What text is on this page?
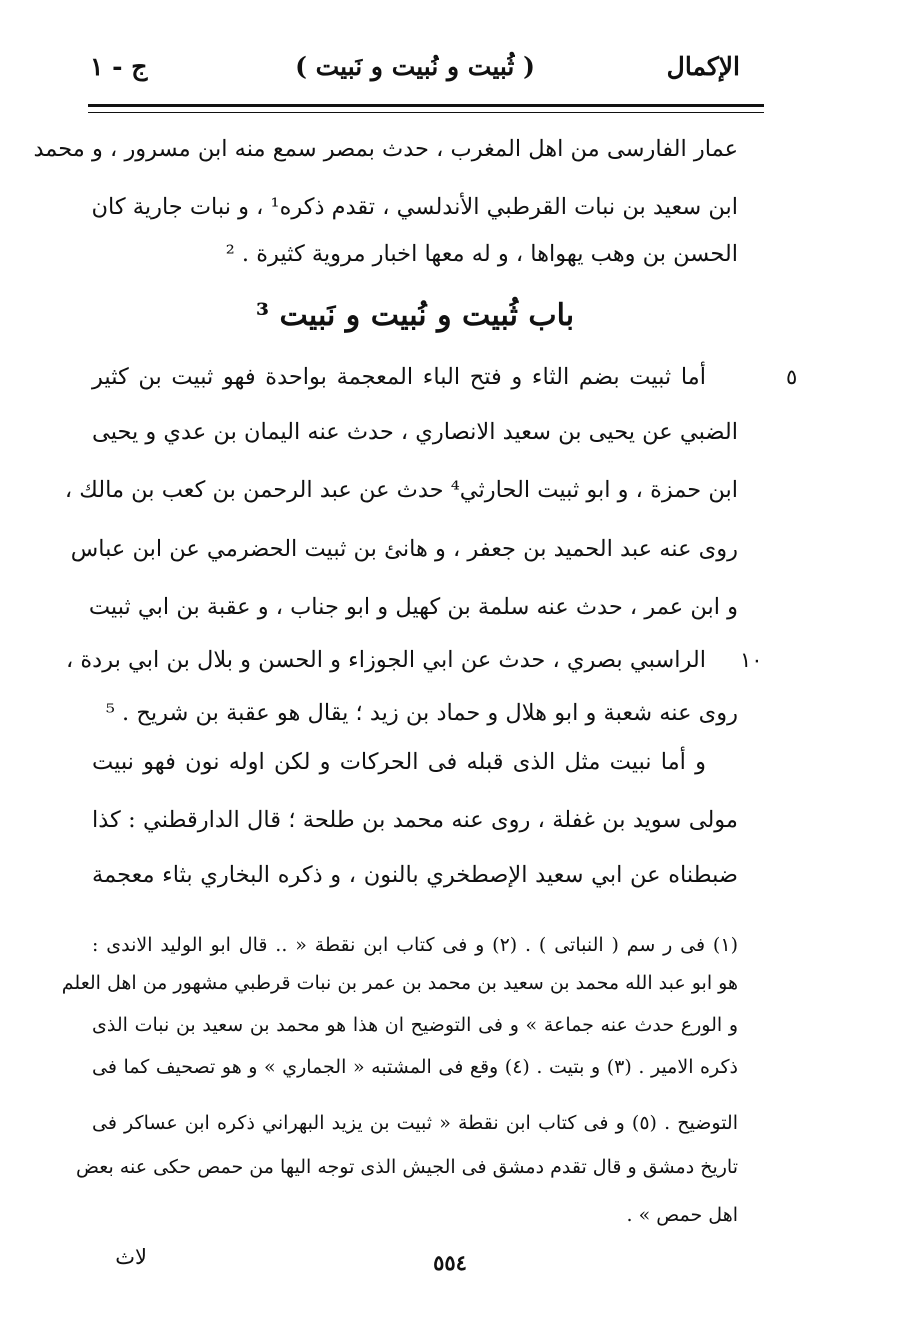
الإكمال
( ثُبيت و نُبيت و نَبيت )
ج - ١
عمار الفارسى من اهل المغرب ، حدث بمصر سمع منه ابن مسرور ، و محمد
ابن سعيد بن نبات القرطبي الأندلسي ، تقدم ذكره¹ ، و نبات جارية كان
الحسن بن وهب يهواها ، و له معها اخبار مروية كثيرة . ²
باب ثُبيت و نُبيت و نَبيت ³
أما ثبيت بضم الثاء و فتح الباء المعجمة بواحدة فهو ثبيت بن كثير
الضبي عن يحيى بن سعيد الانصاري ، حدث عنه اليمان بن عدي و يحيى
ابن حمزة ، و ابو ثبيت الحارثي⁴ حدث عن عبد الرحمن بن كعب بن مالك ،
روى عنه عبد الحميد بن جعفر ، و هانئ بن ثبيت الحضرمي عن ابن عباس
و ابن عمر ، حدث عنه سلمة بن كهيل و ابو جناب ، و عقبة بن ابي ثبيت
الراسبي بصري ، حدث عن ابي الجوزاء و الحسن و بلال بن ابي بردة ،
روى عنه شعبة و ابو هلال و حماد بن زيد ؛ يقال هو عقبة بن شريح . ⁵
و أما نبيت مثل الذى قبله فى الحركات و لكن اوله نون فهو نبيت
مولى سويد بن غفلة ، روى عنه محمد بن طلحة ؛ قال الدارقطني : كذا
ضبطناه عن ابي سعيد الإصطخري بالنون ، و ذكره البخاري بثاء معجمة
٥
١٠
(١) فى ر سم ( النباتى ) . (٢) و فى كتاب ابن نقطة « .. قال ابو الوليد الاندى :
هو ابو عبد الله محمد بن سعيد بن محمد بن عمر بن نبات قرطبي مشهور من اهل العلم
و الورع حدث عنه جماعة » و فى التوضيح ان هذا هو محمد بن سعيد بن نبات الذى
ذكره الامير . (٣) و بتيت . (٤) وقع فى المشتبه « الجماري » و هو تصحيف كما فى
التوضيح . (٥) و فى كتاب ابن نقطة « ثبيت بن يزيد البهراني ذكره ابن عساكر فى
تاريخ دمشق و قال تقدم دمشق فى الجيش الذى توجه اليها من حمص حكى عنه بعض
اهل حمص » .
٥٥٤
لاث
